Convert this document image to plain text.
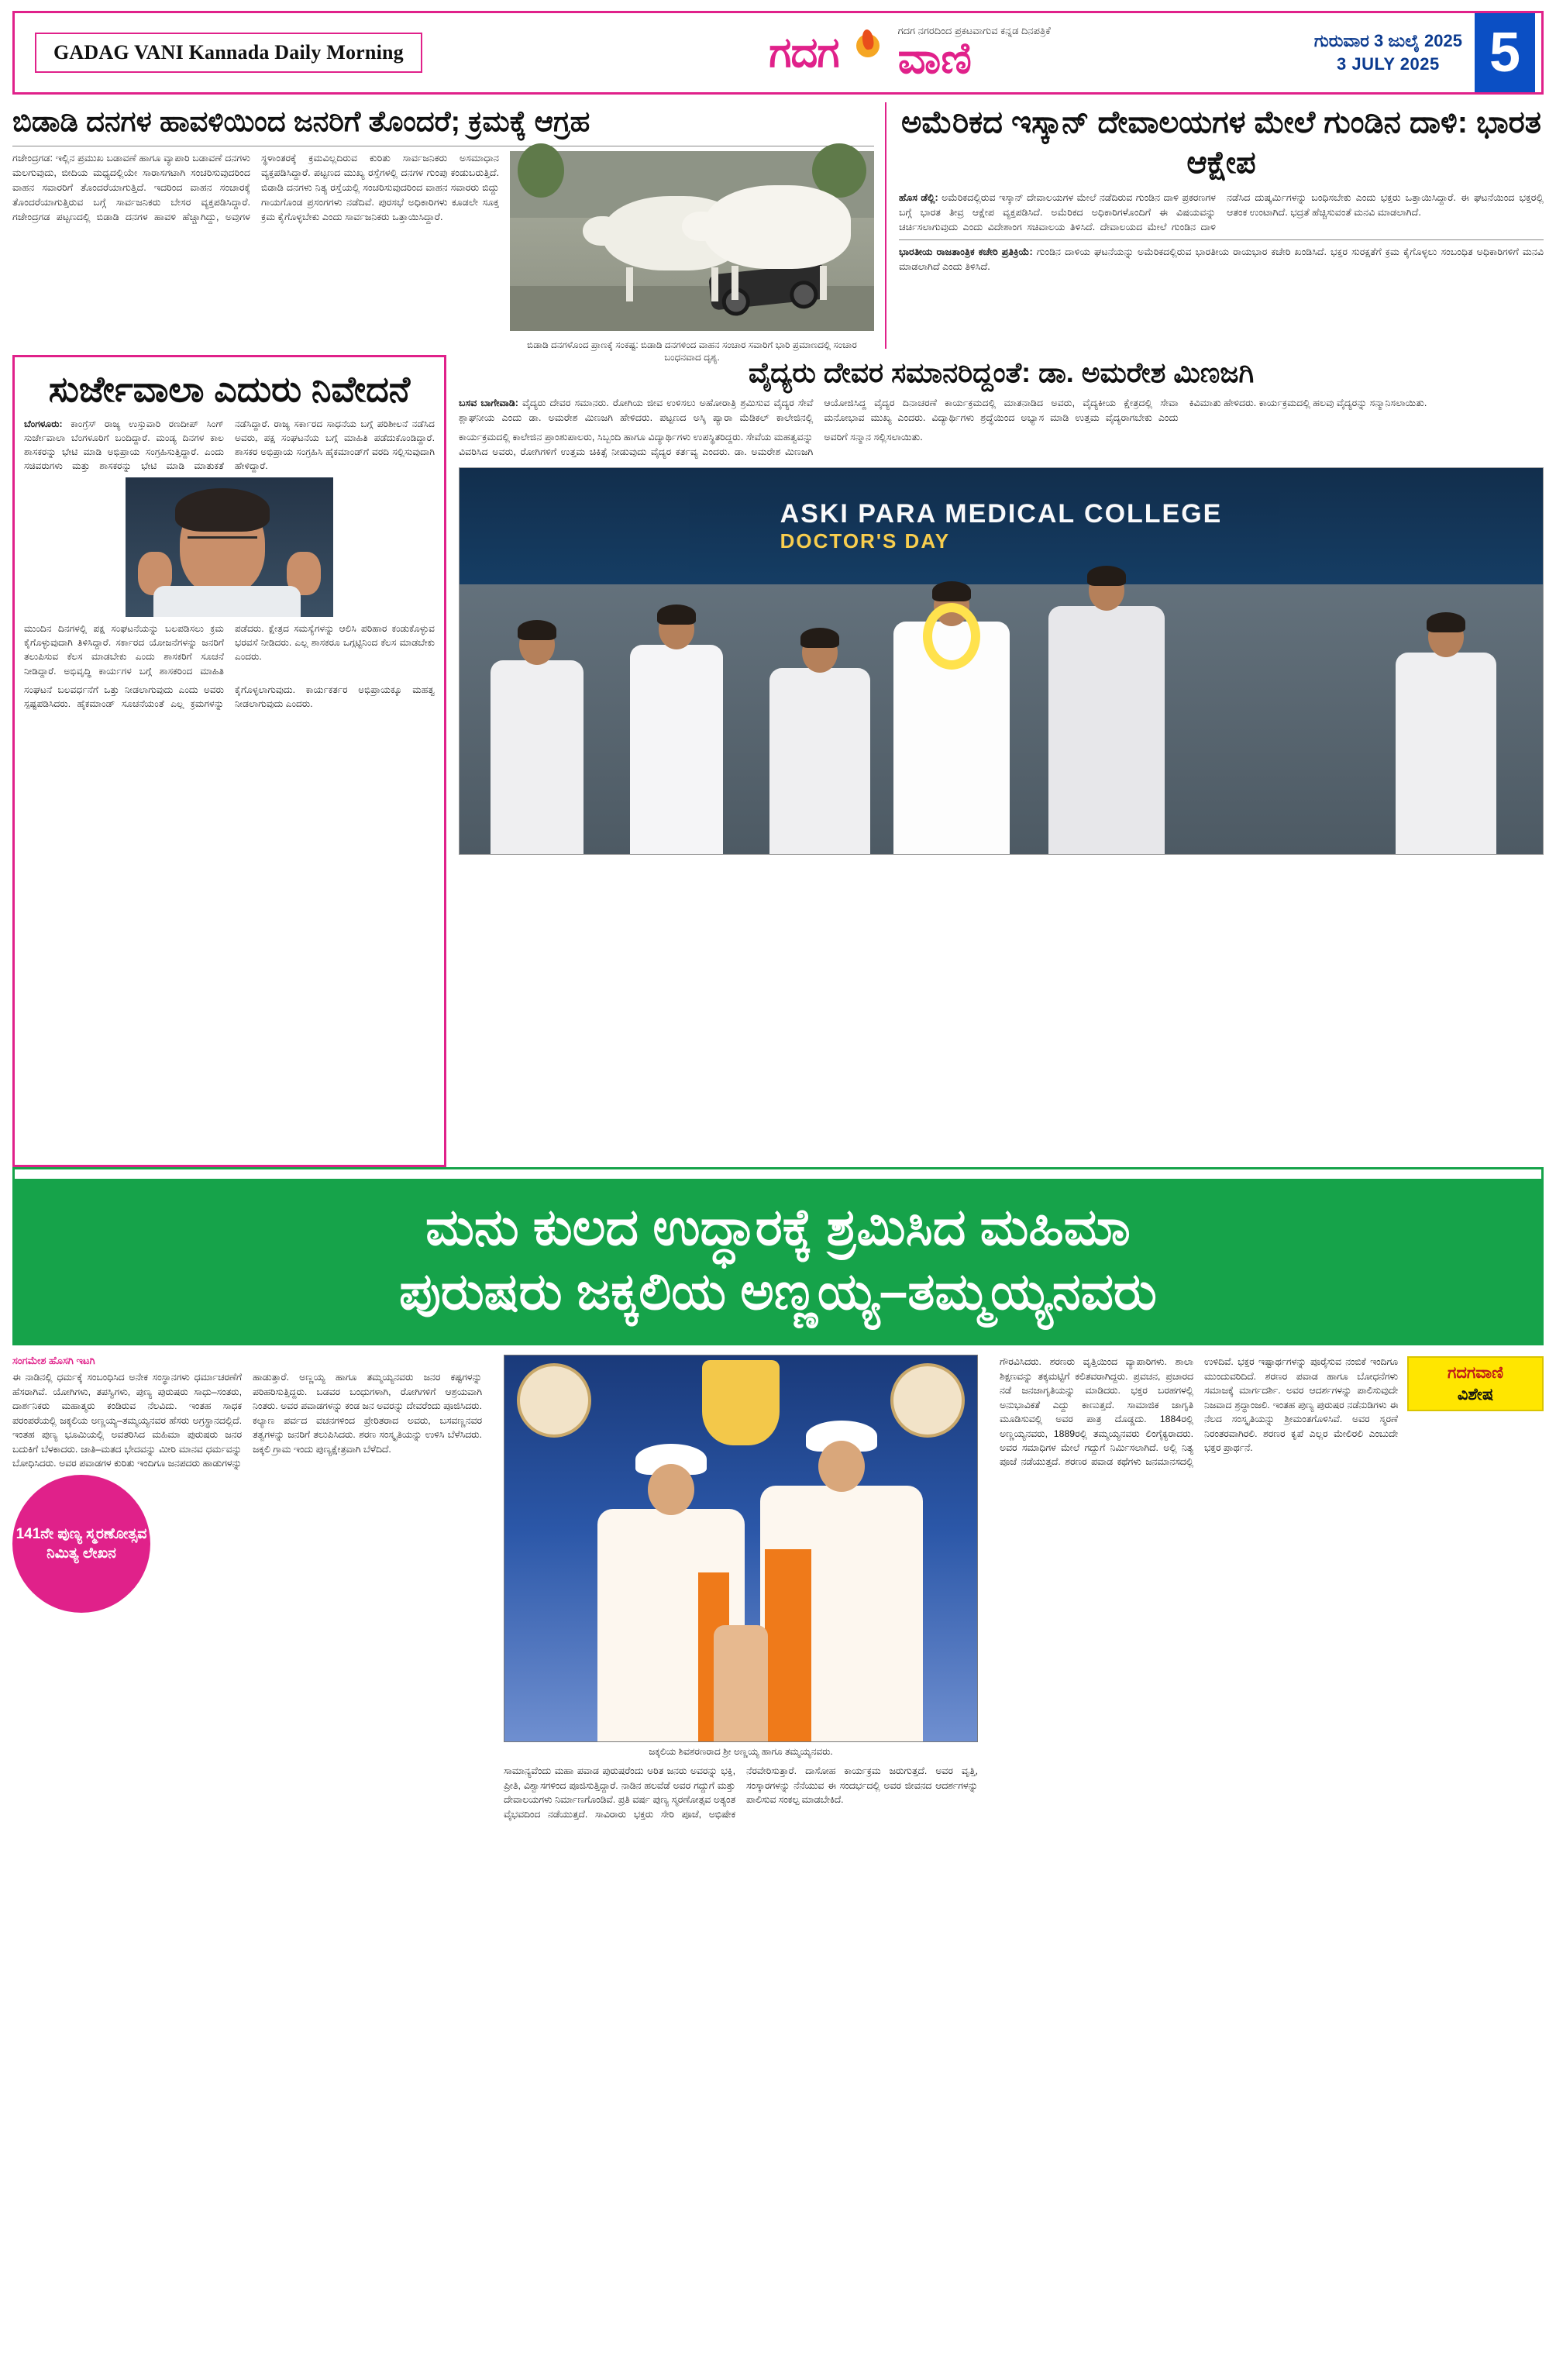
GADAG VANI Kannada Daily Morning	ಗದಗ	ಗದಗ ನಗರದಿಂದ ಪ್ರಕಟವಾಗುವ ಕನ್ನಡ ದಿನಪತ್ರಿಕೆ
ವಾಣಿ	ಗುರುವಾರ 3 ಜುಲೈ 2025
3 JULY 2025 5
ಬಿಡಾಡಿ ದನಗಳ ಹಾವಳಿಯಿಂದ ಜನರಿಗೆ ತೊಂದರೆ; ಕ್ರಮಕ್ಕೆ ಆಗ್ರಹ
ಗಜೇಂದ್ರಗಡ: ಇಲ್ಲಿನ ಪ್ರಮುಖ ಬಡಾವಣೆ ಹಾಗೂ ವ್ಯಾಪಾರಿ ಬಡಾವಣೆ ದನಗಳು ಮಲಗುವುದು, ಬೀದಿಯ ಮಧ್ಯದಲ್ಲಿಯೇ ಸಾರಾಸಗಟಾಗಿ ಸಂಚರಿಸುವುದರಿಂದ ವಾಹನ ಸವಾರರಿಗೆ ತೊಂದರೆಯಾಗುತ್ತಿದೆ. ಇದರಿಂದ ವಾಹನ ಸಂಚಾರಕ್ಕೆ ತೊಂದರೆಯಾಗುತ್ತಿರುವ ಬಗ್ಗೆ ಸಾರ್ವಜನಿಕರು ಬೇಸರ ವ್ಯಕ್ತಪಡಿಸಿದ್ದಾರೆ. ಗಜೇಂದ್ರಗಡ ಪಟ್ಟಣದಲ್ಲಿ ಬಿಡಾಡಿ ದನಗಳ ಹಾವಳಿ ಹೆಚ್ಚಾಗಿದ್ದು, ಅವುಗಳ ಸ್ಥಳಾಂತರಕ್ಕೆ ಕ್ರಮವಿಲ್ಲದಿರುವ ಕುರಿತು ಸಾರ್ವಜನಿಕರು ಅಸಮಾಧಾನ ವ್ಯಕ್ತಪಡಿಸಿದ್ದಾರೆ. ಪಟ್ಟಣದ ಮುಖ್ಯ ರಸ್ತೆಗಳಲ್ಲಿ ದನಗಳ ಗುಂಪು ಕಂಡುಬರುತ್ತಿದೆ. ಬಿಡಾಡಿ ದನಗಳು ನಿತ್ಯ ರಸ್ತೆಯಲ್ಲಿ ಸಂಚರಿಸುವುದರಿಂದ ವಾಹನ ಸವಾರರು ಬಿದ್ದು ಗಾಯಗೊಂಡ ಪ್ರಸಂಗಗಳು ನಡೆದಿವೆ. ಪುರಸಭೆ ಅಧಿಕಾರಿಗಳು ಕೂಡಲೇ ಸೂಕ್ತ ಕ್ರಮ ಕೈಗೊಳ್ಳಬೇಕು ಎಂದು ಸಾರ್ವಜನಿಕರು ಒತ್ತಾಯಿಸಿದ್ದಾರೆ.
ಬಿಡಾಡಿ ದನಗಳೊಂದ ಪ್ರಾಣಕ್ಕೆ ಸಂಕಷ್ಟ: ಬಿಡಾಡಿ ದನಗಳಿಂದ ವಾಹನ ಸಂಚಾರ ಸವಾರಿಗೆ ಭಾರಿ ಪ್ರಮಾಣದಲ್ಲಿ ಸಂಚಾರ ಬಂಧನವಾದ ದೃಶ್ಯ.
ಅಮೆರಿಕದ ಇಸ್ಕಾನ್ ದೇವಾಲಯಗಳ ಮೇಲೆ ಗುಂಡಿನ ದಾಳಿ: ಭಾರತ ಆಕ್ಷೇಪ
ಹೊಸ ಡೆಲ್ಲಿ: ಅಮೆರಿಕದಲ್ಲಿರುವ ಇಸ್ಕಾನ್ ದೇವಾಲಯಗಳ ಮೇಲೆ ನಡೆದಿರುವ ಗುಂಡಿನ ದಾಳಿ ಪ್ರಕರಣಗಳ ಬಗ್ಗೆ ಭಾರತ ತೀವ್ರ ಆಕ್ಷೇಪ ವ್ಯಕ್ತಪಡಿಸಿದೆ. ಅಮೆರಿಕದ ಅಧಿಕಾರಿಗಳೊಂದಿಗೆ ಈ ವಿಷಯವನ್ನು ಚರ್ಚಿಸಲಾಗುವುದು ಎಂದು ವಿದೇಶಾಂಗ ಸಚಿವಾಲಯ ತಿಳಿಸಿದೆ. ದೇವಾಲಯದ ಮೇಲೆ ಗುಂಡಿನ ದಾಳಿ ನಡೆಸಿದ ದುಷ್ಕರ್ಮಿಗಳನ್ನು ಬಂಧಿಸಬೇಕು ಎಂದು ಭಕ್ತರು ಒತ್ತಾಯಿಸಿದ್ದಾರೆ. ಈ ಘಟನೆಯಿಂದ ಭಕ್ತರಲ್ಲಿ ಆತಂಕ ಉಂಟಾಗಿದೆ. ಭದ್ರತೆ ಹೆಚ್ಚಿಸುವಂತೆ ಮನವಿ ಮಾಡಲಾಗಿದೆ.
ಭಾರತೀಯ ರಾಜತಾಂತ್ರಿಕ ಕಚೇರಿ ಪ್ರತಿಕ್ರಿಯೆ: ಗುಂಡಿನ ದಾಳಿಯ ಘಟನೆಯನ್ನು ಅಮೆರಿಕದಲ್ಲಿರುವ ಭಾರತೀಯ ರಾಯಭಾರ ಕಚೇರಿ ಖಂಡಿಸಿದೆ. ಭಕ್ತರ ಸುರಕ್ಷತೆಗೆ ಕ್ರಮ ಕೈಗೊಳ್ಳಲು ಸಂಬಂಧಿತ ಅಧಿಕಾರಿಗಳಿಗೆ ಮನವಿ ಮಾಡಲಾಗಿದೆ ಎಂದು ತಿಳಿಸಿದೆ.
ಸುರ್ಜೇವಾಲಾ ಎದುರು ನಿವೇದನೆ
ಬೆಂಗಳೂರು: ಕಾಂಗ್ರೆಸ್ ರಾಜ್ಯ ಉಸ್ತುವಾರಿ ರಣದೀಪ್ ಸಿಂಗ್ ಸುರ್ಜೇವಾಲಾ ಬೆಂಗಳೂರಿಗೆ ಬಂದಿದ್ದಾರೆ. ಮಂಡ್ಯ ದಿನಗಳ ಕಾಲ ಶಾಸಕರನ್ನು ಭೇಟಿ ಮಾಡಿ ಅಭಿಪ್ರಾಯ ಸಂಗ್ರಹಿಸುತ್ತಿದ್ದಾರೆ. ಎಂದು ಸಚಿವರುಗಳು ಮತ್ತು ಶಾಸಕರನ್ನು ಭೇಟಿ ಮಾಡಿ ಮಾತುಕತೆ ನಡೆಸಿದ್ದಾರೆ. ರಾಜ್ಯ ಸರ್ಕಾರದ ಸಾಧನೆಯ ಬಗ್ಗೆ ಪರಿಶೀಲನೆ ನಡೆಸಿದ ಅವರು, ಪಕ್ಷ ಸಂಘಟನೆಯ ಬಗ್ಗೆ ಮಾಹಿತಿ ಪಡೆದುಕೊಂಡಿದ್ದಾರೆ. ಶಾಸಕರ ಅಭಿಪ್ರಾಯ ಸಂಗ್ರಹಿಸಿ ಹೈಕಮಾಂಡ್‌ಗೆ ವರದಿ ಸಲ್ಲಿಸುವುದಾಗಿ ಹೇಳಿದ್ದಾರೆ.
ಮುಂದಿನ ದಿನಗಳಲ್ಲಿ ಪಕ್ಷ ಸಂಘಟನೆಯನ್ನು ಬಲಪಡಿಸಲು ಕ್ರಮ ಕೈಗೊಳ್ಳುವುದಾಗಿ ತಿಳಿಸಿದ್ದಾರೆ. ಸರ್ಕಾರದ ಯೋಜನೆಗಳನ್ನು ಜನರಿಗೆ ತಲುಪಿಸುವ ಕೆಲಸ ಮಾಡಬೇಕು ಎಂದು ಶಾಸಕರಿಗೆ ಸೂಚನೆ ನೀಡಿದ್ದಾರೆ. ಅಭಿವೃದ್ಧಿ ಕಾರ್ಯಗಳ ಬಗ್ಗೆ ಶಾಸಕರಿಂದ ಮಾಹಿತಿ ಪಡೆದರು. ಕ್ಷೇತ್ರದ ಸಮಸ್ಯೆಗಳನ್ನು ಆಲಿಸಿ ಪರಿಹಾರ ಕಂಡುಕೊಳ್ಳುವ ಭರವಸೆ ನೀಡಿದರು. ಎಲ್ಲ ಶಾಸಕರೂ ಒಗ್ಗಟ್ಟಿನಿಂದ ಕೆಲಸ ಮಾಡಬೇಕು ಎಂದರು.
ಸಂಘಟನೆ ಬಲವರ್ಧನೆಗೆ ಒತ್ತು ನೀಡಲಾಗುವುದು ಎಂದು ಅವರು ಸ್ಪಷ್ಟಪಡಿಸಿದರು. ಹೈಕಮಾಂಡ್ ಸೂಚನೆಯಂತೆ ಎಲ್ಲ ಕ್ರಮಗಳನ್ನು ಕೈಗೊಳ್ಳಲಾಗುವುದು. ಕಾರ್ಯಕರ್ತರ ಅಭಿಪ್ರಾಯಕ್ಕೂ ಮಹತ್ವ ನೀಡಲಾಗುವುದು ಎಂದರು.
ವೈದ್ಯರು ದೇವರ ಸಮಾನರಿದ್ದಂತೆ: ಡಾ. ಅಮರೇಶ ಮಿಣಜಗಿ
ಬಸವ ಬಾಗೇವಾಡಿ: ವೈದ್ಯರು ದೇವರ ಸಮಾನರು. ರೋಗಿಯ ಜೀವ ಉಳಿಸಲು ಅಹೋರಾತ್ರಿ ಶ್ರಮಿಸುವ ವೈದ್ಯರ ಸೇವೆ ಶ್ಲಾಘನೀಯ ಎಂದು ಡಾ. ಅಮರೇಶ ಮಿಣಜಗಿ ಹೇಳಿದರು. ಪಟ್ಟಣದ ಅಸ್ಕಿ ಪ್ಯಾರಾ ಮೆಡಿಕಲ್ ಕಾಲೇಜಿನಲ್ಲಿ ಆಯೋಜಿಸಿದ್ದ ವೈದ್ಯರ ದಿನಾಚರಣೆ ಕಾರ್ಯಕ್ರಮದಲ್ಲಿ ಮಾತನಾಡಿದ ಅವರು, ವೈದ್ಯಕೀಯ ಕ್ಷೇತ್ರದಲ್ಲಿ ಸೇವಾ ಮನೋಭಾವ ಮುಖ್ಯ ಎಂದರು. ವಿದ್ಯಾರ್ಥಿಗಳು ಶ್ರದ್ಧೆಯಿಂದ ಅಭ್ಯಾಸ ಮಾಡಿ ಉತ್ತಮ ವೈದ್ಯರಾಗಬೇಕು ಎಂದು ಕಿವಿಮಾತು ಹೇಳಿದರು. ಕಾರ್ಯಕ್ರಮದಲ್ಲಿ ಹಲವು ವೈದ್ಯರನ್ನು ಸನ್ಮಾನಿಸಲಾಯಿತು.
ಕಾರ್ಯಕ್ರಮದಲ್ಲಿ ಕಾಲೇಜಿನ ಪ್ರಾಂಶುಪಾಲರು, ಸಿಬ್ಬಂದಿ ಹಾಗೂ ವಿದ್ಯಾರ್ಥಿಗಳು ಉಪಸ್ಥಿತರಿದ್ದರು. ಸೇವೆಯ ಮಹತ್ವವನ್ನು ವಿವರಿಸಿದ ಅವರು, ರೋಗಿಗಳಿಗೆ ಉತ್ತಮ ಚಿಕಿತ್ಸೆ ನೀಡುವುದು ವೈದ್ಯರ ಕರ್ತವ್ಯ ಎಂದರು. ಡಾ. ಅಮರೇಶ ಮಿಣಜಗಿ ಅವರಿಗೆ ಸನ್ಮಾನ ಸಲ್ಲಿಸಲಾಯಿತು.
ASKI PARA MEDICAL COLLEGE
DOCTOR'S DAY
ಮನು ಕುಲದ ಉದ್ಧಾರಕ್ಕೆ ಶ್ರಮಿಸಿದ ಮಹಿಮಾ
ಪುರುಷರು ಜಕ್ಕಲಿಯ ಅಣ್ಣಯ್ಯ–ತಮ್ಮಯ್ಯನವರು
ಸಂಗಮೇಶ ಹೊಸಗಿ ಇಟಗಿ
ಈ ನಾಡಿನಲ್ಲಿ ಧರ್ಮಕ್ಕೆ ಸಂಬಂಧಿಸಿದ ಅನೇಕ ಸಂಸ್ಥಾನಗಳು ಧರ್ಮಾಚರಣೆಗೆ ಹೆಸರಾಗಿವೆ. ಯೋಗಿಗಳು, ತಪಸ್ವಿಗಳು, ಪುಣ್ಯ ಪುರುಷರು ಸಾಧು–ಸಂತರು, ದಾರ್ಶನಿಕರು ಮಹಾತ್ಮರು ಕಂಡಿರುವ ನೆಲವಿದು. ಇಂತಹ ಸಾಧಕ ಪರಂಪರೆಯಲ್ಲಿ ಜಕ್ಕಲಿಯ ಅಣ್ಣಯ್ಯ–ತಮ್ಮಯ್ಯನವರ ಹೆಸರು ಅಗ್ರಸ್ಥಾನದಲ್ಲಿದೆ. ಇಂತಹ ಪುಣ್ಯ ಭೂಮಿಯಲ್ಲಿ ಅವತರಿಸಿದ ಮಹಿಮಾ ಪುರುಷರು ಜನರ ಬದುಕಿಗೆ ಬೆಳಕಾದರು. ಜಾತಿ–ಮತದ ಭೇದವನ್ನು ಮೀರಿ ಮಾನವ ಧರ್ಮವನ್ನು ಬೋಧಿಸಿದರು. ಅವರ ಪವಾಡಗಳ ಕುರಿತು ಇಂದಿಗೂ ಜನಪದರು ಹಾಡುಗಳನ್ನು ಹಾಡುತ್ತಾರೆ. ಅಣ್ಣಯ್ಯ ಹಾಗೂ ತಮ್ಮಯ್ಯನವರು ಜನರ ಕಷ್ಟಗಳನ್ನು ಪರಿಹರಿಸುತ್ತಿದ್ದರು. ಬಡವರ ಬಂಧುಗಳಾಗಿ, ರೋಗಿಗಳಿಗೆ ಆಶ್ರಯವಾಗಿ ನಿಂತರು. ಅವರ ಪವಾಡಗಳನ್ನು ಕಂಡ ಜನ ಅವರನ್ನು ದೇವರೆಂದು ಪೂಜಿಸಿದರು. ಕಲ್ಯಾಣ ಪರ್ವದ ವಚನಗಳಿಂದ ಪ್ರೇರಿತರಾದ ಅವರು, ಬಸವಣ್ಣನವರ ತತ್ವಗಳನ್ನು ಜನರಿಗೆ ತಲುಪಿಸಿದರು. ಶರಣ ಸಂಸ್ಕೃತಿಯನ್ನು ಉಳಿಸಿ ಬೆಳೆಸಿದರು. ಜಕ್ಕಲಿ ಗ್ರಾಮ ಇಂದು ಪುಣ್ಯಕ್ಷೇತ್ರವಾಗಿ ಬೆಳೆದಿದೆ.
141ನೇ ಪುಣ್ಯ ಸ್ಮರಣೋತ್ಸವ ನಿಮಿತ್ಯ ಲೇಖನ
ಜಕ್ಕಲಿಯ ಶಿವಶರಣರಾದ ಶ್ರೀ ಅಣ್ಣಯ್ಯ ಹಾಗೂ ತಮ್ಮಯ್ಯನವರು.
ಸಾಮಾನ್ಯವೆಂದು ಮಹಾ ಪವಾಡ ಪುರುಷರೆಂದು ಅರಿತ ಜನರು ಅವರನ್ನು ಭಕ್ತಿ, ಪ್ರೀತಿ, ವಿಶ್ವಾಸಗಳಿಂದ ಪೂಜಿಸುತ್ತಿದ್ದಾರೆ. ನಾಡಿನ ಹಲವೆಡೆ ಅವರ ಗದ್ದುಗೆ ಮತ್ತು ದೇವಾಲಯಗಳು ನಿರ್ಮಾಣಗೊಂಡಿವೆ. ಪ್ರತಿ ವರ್ಷ ಪುಣ್ಯ ಸ್ಮರಣೋತ್ಸವ ಅತ್ಯಂತ ವೈಭವದಿಂದ ನಡೆಯುತ್ತದೆ. ಸಾವಿರಾರು ಭಕ್ತರು ಸೇರಿ ಪೂಜೆ, ಅಭಿಷೇಕ ನೆರವೇರಿಸುತ್ತಾರೆ. ದಾಸೋಹ ಕಾರ್ಯಕ್ರಮ ಜರುಗುತ್ತದೆ. ಅವರ ವೃತ್ತಿ, ಸಂಸ್ಕಾರಗಳನ್ನು ನೆನೆಯುವ ಈ ಸಂದರ್ಭದಲ್ಲಿ ಅವರ ಜೀವನದ ಆದರ್ಶಗಳನ್ನು ಪಾಲಿಸುವ ಸಂಕಲ್ಪ ಮಾಡಬೇಕಿದೆ.
ಗದಗವಾಣಿ
ವಿಶೇಷ
ಗೌರವಿಸಿದರು. ಶರಣರು ವೃತ್ತಿಯಿಂದ ವ್ಯಾಪಾರಿಗಳು. ಶಾಲಾ ಶಿಕ್ಷಣವನ್ನು ತಕ್ಕಮಟ್ಟಿಗೆ ಕಲಿತವರಾಗಿದ್ದರು. ಪ್ರವಚನ, ಪ್ರಚಾರದ ನಡೆ ಜನಜಾಗೃತಿಯನ್ನು ಮಾಡಿದರು. ಭಕ್ತರ ಬರಹಗಳಲ್ಲಿ ಅನುಭಾವಿಕತೆ ಎದ್ದು ಕಾಣುತ್ತದೆ. ಸಾಮಾಜಿಕ ಜಾಗೃತಿ ಮೂಡಿಸುವಲ್ಲಿ ಅವರ ಪಾತ್ರ ದೊಡ್ಡದು. 1884ರಲ್ಲಿ ಅಣ್ಣಯ್ಯನವರು, 1889ರಲ್ಲಿ ತಮ್ಮಯ್ಯನವರು ಲಿಂಗೈಕ್ಯರಾದರು. ಅವರ ಸಮಾಧಿಗಳ ಮೇಲೆ ಗದ್ದುಗೆ ನಿರ್ಮಿಸಲಾಗಿದೆ. ಅಲ್ಲಿ ನಿತ್ಯ ಪೂಜೆ ನಡೆಯುತ್ತದೆ. ಶರಣರ ಪವಾಡ ಕಥೆಗಳು ಜನಮಾನಸದಲ್ಲಿ ಉಳಿದಿವೆ. ಭಕ್ತರ ಇಷ್ಟಾರ್ಥಗಳನ್ನು ಪೂರೈಸುವ ನಂಬಿಕೆ ಇಂದಿಗೂ ಮುಂದುವರಿದಿದೆ. ಶರಣರ ಪವಾಡ ಹಾಗೂ ಬೋಧನೆಗಳು ಸಮಾಜಕ್ಕೆ ಮಾರ್ಗದರ್ಶಿ. ಅವರ ಆದರ್ಶಗಳನ್ನು ಪಾಲಿಸುವುದೇ ನಿಜವಾದ ಶ್ರದ್ಧಾಂಜಲಿ. ಇಂತಹ ಪುಣ್ಯ ಪುರುಷರ ನಡೆನುಡಿಗಳು ಈ ನೆಲದ ಸಂಸ್ಕೃತಿಯನ್ನು ಶ್ರೀಮಂತಗೊಳಿಸಿವೆ. ಅವರ ಸ್ಮರಣೆ ನಿರಂತರವಾಗಿರಲಿ. ಶರಣರ ಕೃಪೆ ಎಲ್ಲರ ಮೇಲಿರಲಿ ಎಂಬುದೇ ಭಕ್ತರ ಪ್ರಾರ್ಥನೆ.
